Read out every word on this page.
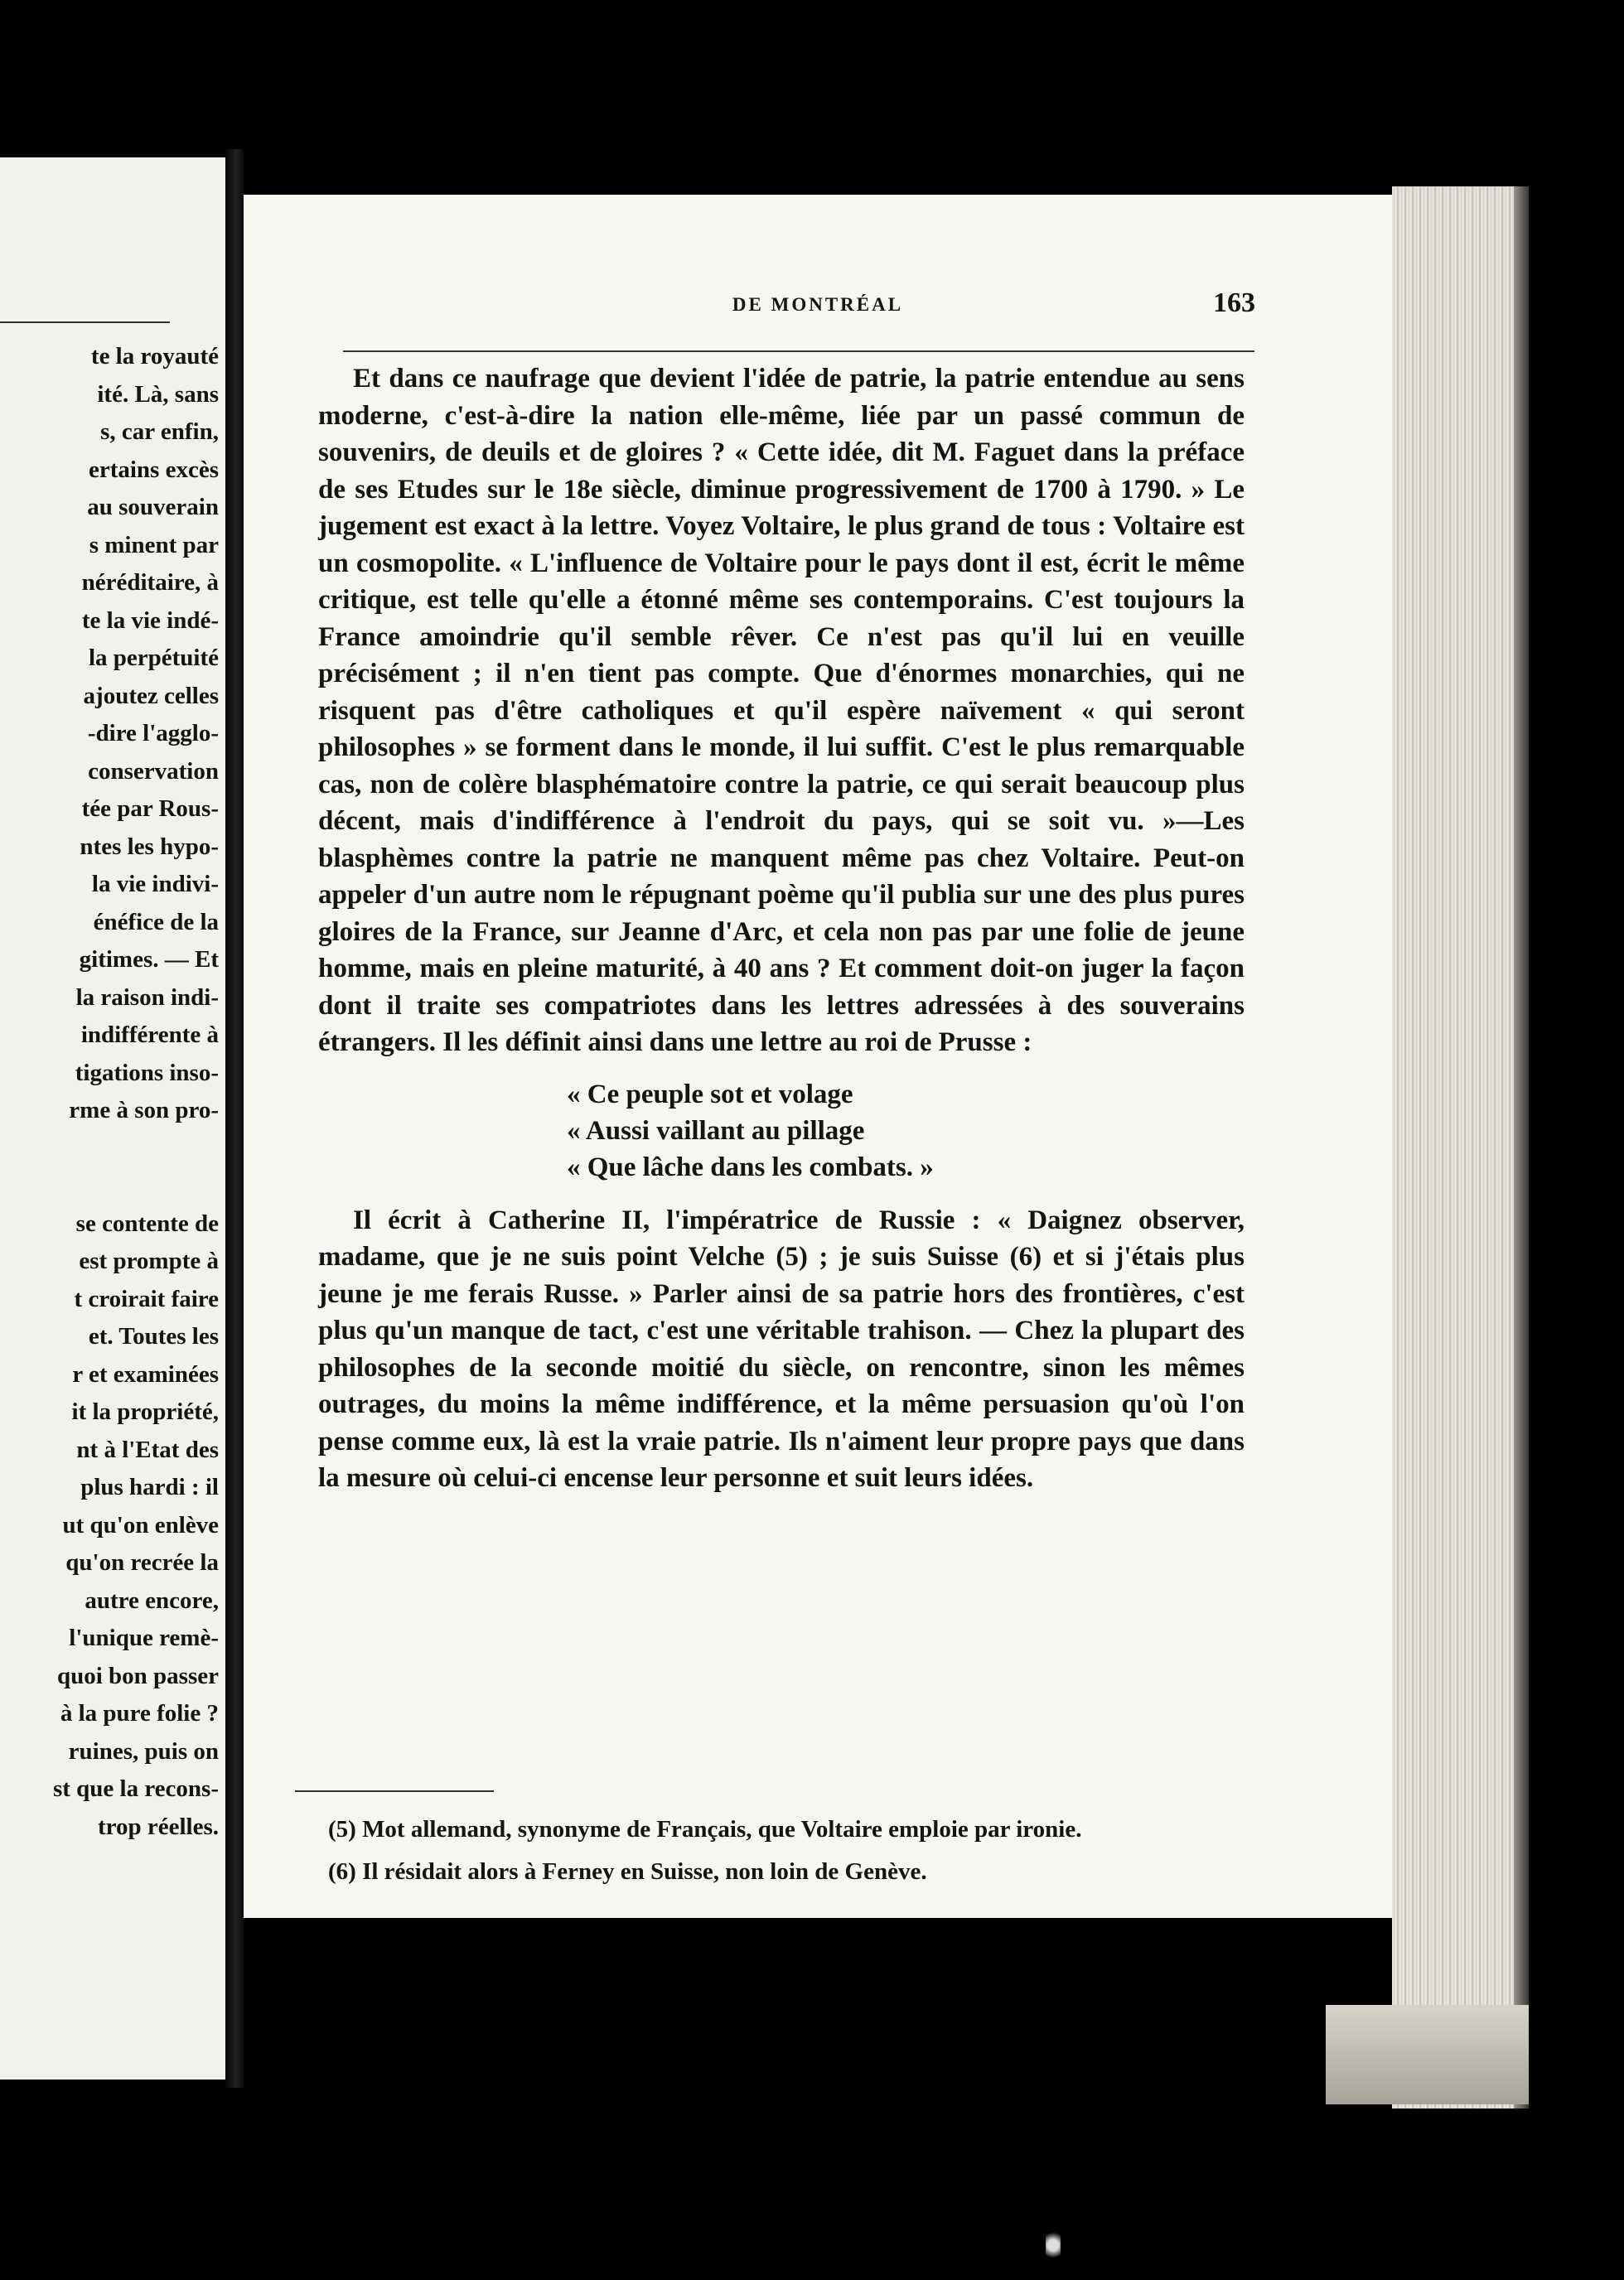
te la royauté
ité. Là, sans
s, car enfin,
ertains excès
au souverain
s minent par
néréditaire, à
te la vie indé-
la perpétuité
ajoutez celles
-dire l'agglo-
conservation
tée par Rous-
ntes les hypo-
la vie indivi-
énéfice de la
gitimes. — Et
la raison indi-
indifférente à
tigations inso-
rme à son pro-
se contente de
est prompte à
t croirait faire
et. Toutes les
r et examinées
it la propriété,
nt à l'Etat des
plus hardi : il
ut qu'on enlève
qu'on recrée la
autre encore,
l'unique remè-
quoi bon passer
à la pure folie ?
ruines, puis on
st que la recons-
trop réelles.
DE MONTRÉAL	163

Et dans ce naufrage que devient l'idée de patrie, la patrie entendue au sens moderne, c'est-à-dire la nation elle-même, liée par un passé commun de souvenirs, de deuils et de gloires ? « Cette idée, dit M. Faguet dans la préface de ses Etudes sur le 18e siècle, diminue progressivement de 1700 à 1790. » Le jugement est exact à la lettre. Voyez Voltaire, le plus grand de tous : Voltaire est un cosmopolite. « L'influence de Voltaire pour le pays dont il est, écrit le même critique, est telle qu'elle a étonné même ses contemporains. C'est toujours la France amoindrie qu'il semble rêver. Ce n'est pas qu'il lui en veuille précisément ; il n'en tient pas compte. Que d'énormes monarchies, qui ne risquent pas d'être catholiques et qu'il espère naïvement « qui seront philosophes » se forment dans le monde, il lui suffit. C'est le plus remarquable cas, non de colère blasphématoire contre la patrie, ce qui serait beaucoup plus décent, mais d'indifférence à l'endroit du pays, qui se soit vu. »—Les blasphèmes contre la patrie ne manquent même pas chez Voltaire. Peut-on appeler d'un autre nom le répugnant poème qu'il publia sur une des plus pures gloires de la France, sur Jeanne d'Arc, et cela non pas par une folie de jeune homme, mais en pleine maturité, à 40 ans ? Et comment doit-on juger la façon dont il traite ses compatriotes dans les lettres adressées à des souverains étrangers. Il les définit ainsi dans une lettre au roi de Prusse :

« Ce peuple sot et volage
« Aussi vaillant au pillage
« Que lâche dans les combats. »

Il écrit à Catherine II, l'impératrice de Russie : « Daignez observer, madame, que je ne suis point Velche (5) ; je suis Suisse (6) et si j'étais plus jeune je me ferais Russe. » Parler ainsi de sa patrie hors des frontières, c'est plus qu'un manque de tact, c'est une véritable trahison. — Chez la plupart des philosophes de la seconde moitié du siècle, on rencontre, sinon les mêmes outrages, du moins la même indifférence, et la même persuasion qu'où l'on pense comme eux, là est la vraie patrie. Ils n'aiment leur propre pays que dans la mesure où celui-ci encense leur personne et suit leurs idées.

(5) Mot allemand, synonyme de Français, que Voltaire emploie par ironie.

(6) Il résidait alors à Ferney en Suisse, non loin de Genève.
